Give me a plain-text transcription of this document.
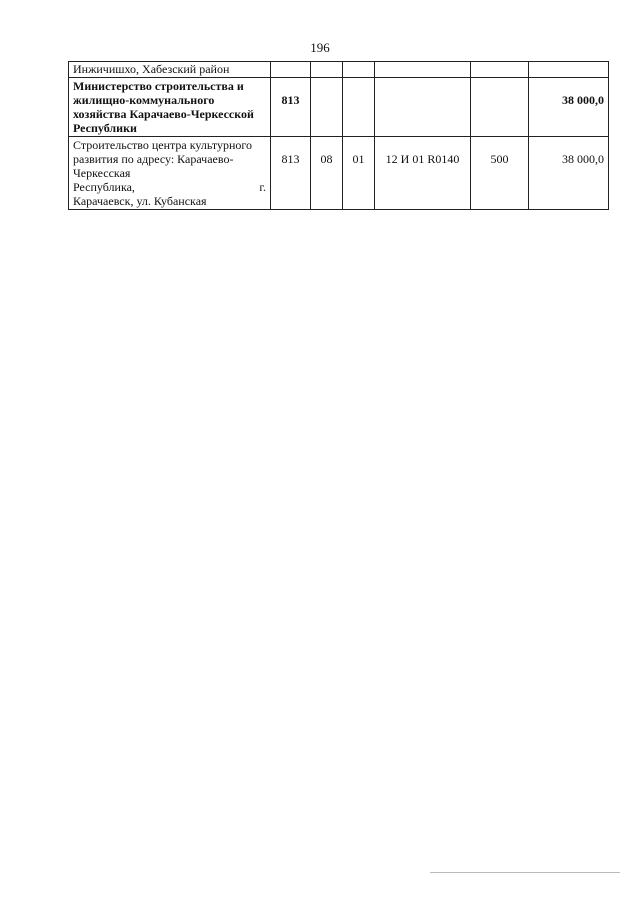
196
Инжичишхо, Хабезский район						
Министерство строительства и жилищно-коммунального хозяйства Карачаево-Черкесской Республики	813					38 000,0

Строительство центра культурного развития по адресу: Карачаево-Черкесская
Республика, г.
Карачаевск, ул. Кубанская	813	08	01	12 И 01 R0140	500	38 000,0
